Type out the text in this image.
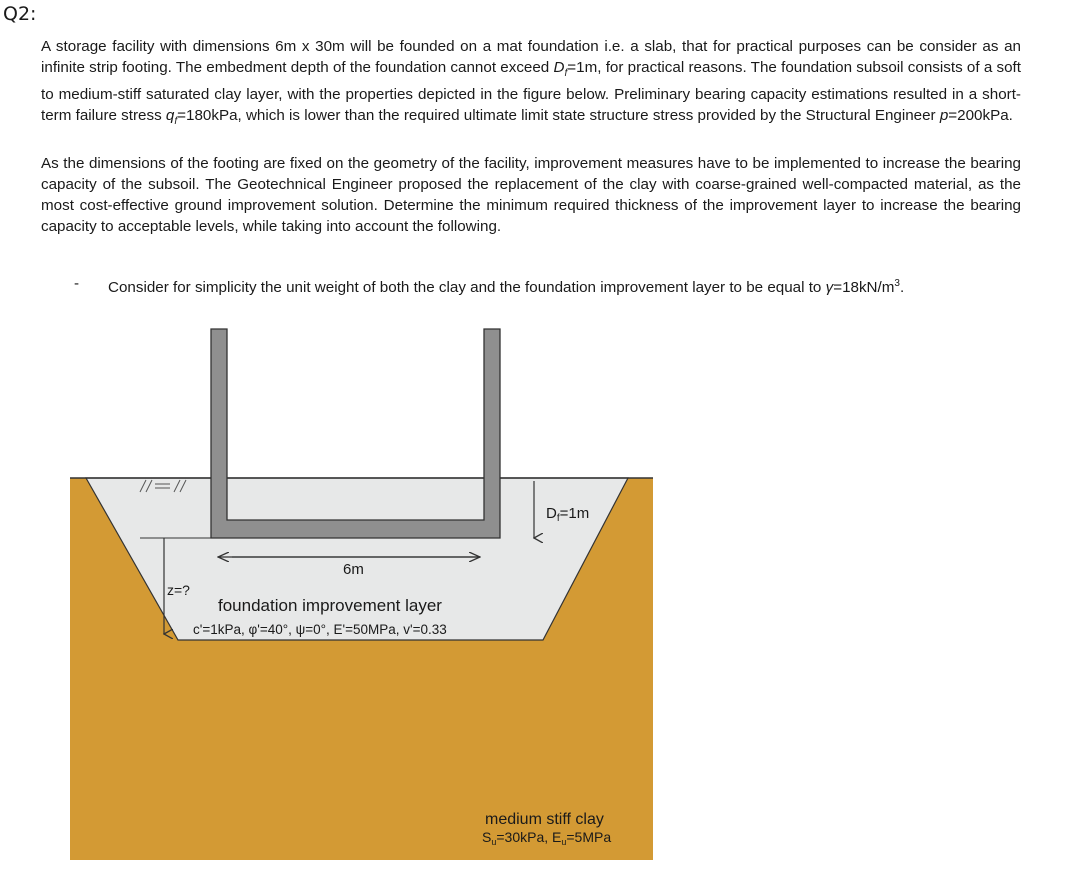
Q2:

A storage facility with dimensions 6m x 30m will be founded on a mat foundation i.e. a slab, that for practical purposes can be consider as an infinite strip footing. The embedment depth of the foundation cannot exceed $D_f=1m$, for practical reasons. The foundation subsoil consists of a soft to medium-stiff saturated clay layer, with the properties depicted in the figure below. Preliminary bearing capacity estimations resulted in a short-term failure stress $q_f=180kPa$, which is lower than the required ultimate limit state structure stress provided by the Structural Engineer p=200kPa.

As the dimensions of the footing are fixed on the geometry of the facility, improvement measures have to be implemented to increase the bearing capacity of the subsoil. The Geotechnical Engineer proposed the replacement of the clay with coarse-grained well-compacted material, as the most cost-effective ground improvement solution. Determine the minimum required thickness of the improvement layer to increase the bearing capacity to acceptable levels, while taking into account the following.

- Consider for simplicity the unit weight of both the clay and the foundation improvement layer to be equal to $\gamma=18kN/m^3$.

$D_f=1m$
6m
z=?
foundation improvement layer
c'=1kPa, φ'=40°, ψ=0°, E'=50MPa, v'=0.33
medium stiff clay
$S_u=30kPa$, $E_u=5MPa$
